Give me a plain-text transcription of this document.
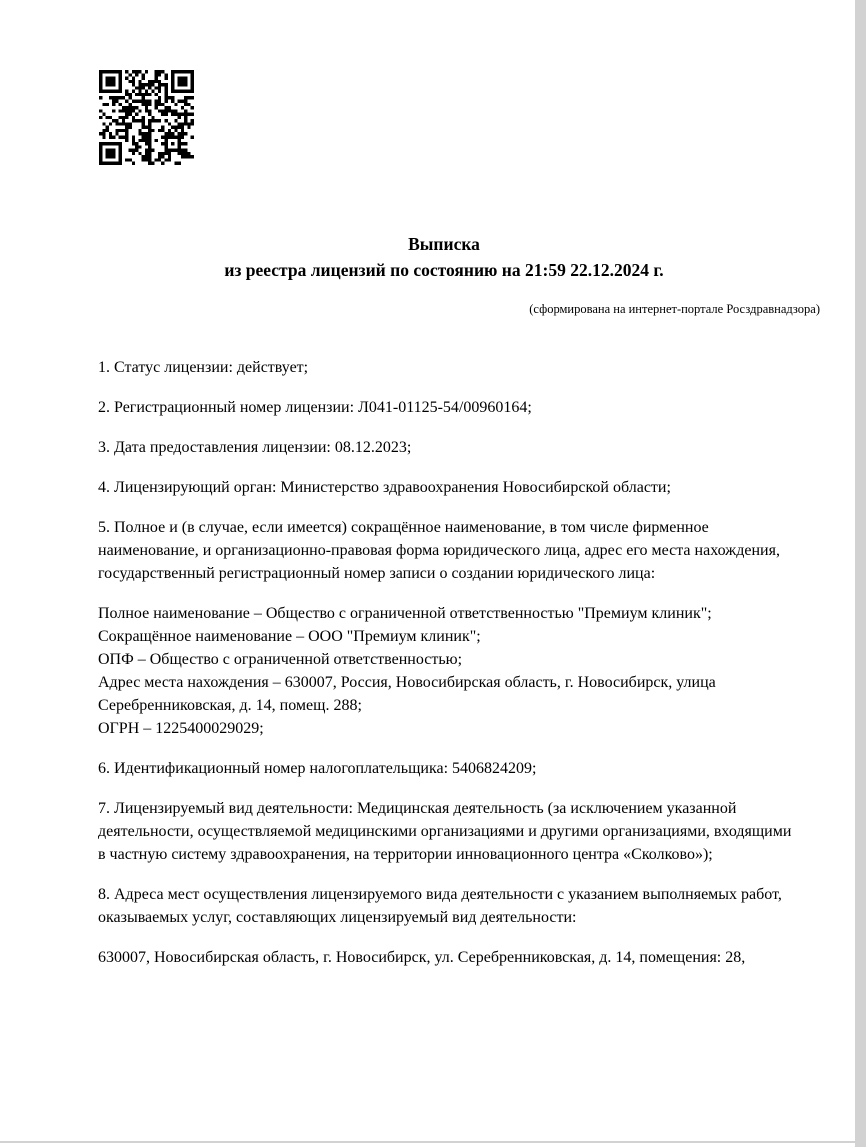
Выписка
из реестра лицензий по состоянию на 21:59 22.12.2024 г.
(сформирована на интернет-портале Росздравнадзора)

1. Статус лицензии: действует;

2. Регистрационный номер лицензии: Л041-01125-54/00960164;

3. Дата предоставления лицензии: 08.12.2023;

4. Лицензирующий орган: Министерство здравоохранения Новосибирской области;

5. Полное и (в случае, если имеется) сокращённое наименование, в том числе фирменное наименование, и организационно-правовая форма юридического лица, адрес его места нахождения, государственный регистрационный номер записи о создании юридического лица:

Полное наименование – Общество с ограниченной ответственностью "Премиум клиник";
Сокращённое наименование – ООО "Премиум клиник";
ОПФ – Общество с ограниченной ответственностью;
Адрес места нахождения – 630007, Россия, Новосибирская область, г. Новосибирск, улица Серебренниковская, д. 14, помещ. 288;
ОГРН – 1225400029029;

6. Идентификационный номер налогоплательщика: 5406824209;

7. Лицензируемый вид деятельности: Медицинская деятельность (за исключением указанной деятельности, осуществляемой медицинскими организациями и другими организациями, входящими в частную систему здравоохранения, на территории инновационного центра «Сколково»);

8. Адреса мест осуществления лицензируемого вида деятельности с указанием выполняемых работ, оказываемых услуг, составляющих лицензируемый вид деятельности:

630007, Новосибирская область, г. Новосибирск, ул. Серебренниковская, д. 14, помещения: 28,
